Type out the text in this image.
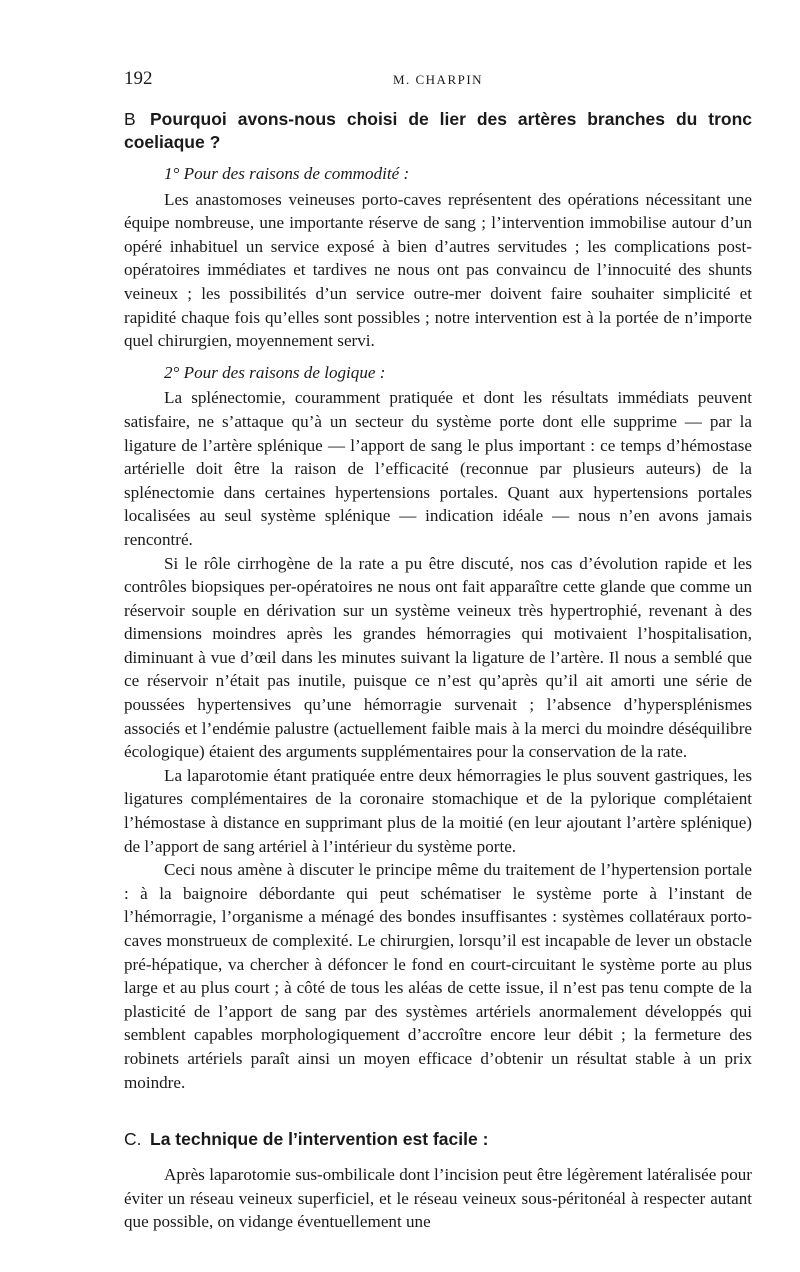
192	M. CHARPIN
B Pourquoi avons-nous choisi de lier des artères branches du tronc coeliaque ?
1° Pour des raisons de commodité :

Les anastomoses veineuses porto-caves représentent des opérations nécessitant une équipe nombreuse, une importante réserve de sang ; l’intervention immobilise autour d’un opéré inhabituel un service exposé à bien d’autres servitudes ; les complications post-opératoires immédiates et tardives ne nous ont pas convaincu de l’innocuité des shunts veineux ; les possibilités d’un service outre-mer doivent faire souhaiter simplicité et rapidité chaque fois qu’elles sont possibles ; notre intervention est à la portée de n’importe quel chirurgien, moyennement servi.

2° Pour des raisons de logique :

La splénectomie, couramment pratiquée et dont les résultats immédiats peuvent satisfaire, ne s’attaque qu’à un secteur du système porte dont elle supprime — par la ligature de l’artère splénique — l’apport de sang le plus important : ce temps d’hémostase artérielle doit être la raison de l’efficacité (reconnue par plusieurs auteurs) de la splénectomie dans certaines hypertensions portales. Quant aux hypertensions portales localisées au seul système splénique — indication idéale — nous n’en avons jamais rencontré.

Si le rôle cirrhogène de la rate a pu être discuté, nos cas d’évolution rapide et les contrôles biopsiques per-opératoires ne nous ont fait apparaître cette glande que comme un réservoir souple en dérivation sur un système veineux très hypertrophié, revenant à des dimensions moindres après les grandes hémorragies qui motivaient l’hospitalisation, diminuant à vue d’œil dans les minutes suivant la ligature de l’artère. Il nous a semblé que ce réservoir n’était pas inutile, puisque ce n’est qu’après qu’il ait amorti une série de poussées hypertensives qu’une hémorragie survenait ; l’absence d’hypersplénismes associés et l’endémie palustre (actuellement faible mais à la merci du moindre déséquilibre écologique) étaient des arguments supplémentaires pour la conservation de la rate.

La laparotomie étant pratiquée entre deux hémorragies le plus souvent gastriques, les ligatures complémentaires de la coronaire stomachique et de la pylorique complétaient l’hémostase à distance en supprimant plus de la moitié (en leur ajoutant l’artère splénique) de l’apport de sang artériel à l’intérieur du système porte.

Ceci nous amène à discuter le principe même du traitement de l’hypertension portale : à la baignoire débordante qui peut schématiser le système porte à l’instant de l’hémorragie, l’organisme a ménagé des bondes insuffisantes : systèmes collatéraux porto-caves monstrueux de complexité. Le chirurgien, lorsqu’il est incapable de lever un obstacle pré-hépatique, va chercher à défoncer le fond en court-circuitant le système porte au plus large et au plus court ; à côté de tous les aléas de cette issue, il n’est pas tenu compte de la plasticité de l’apport de sang par des systèmes artériels anormalement développés qui semblent capables morphologiquement d’accroître encore leur débit ; la fermeture des robinets artériels paraît ainsi un moyen efficace d’obtenir un résultat stable à un prix moindre.

C. La technique de l’intervention est facile :

Après laparotomie sus-ombilicale dont l’incision peut être légèrement latéralisée pour éviter un réseau veineux superficiel, et le réseau veineux sous-péritonéal à respecter autant que possible, on vidange éventuellement une
